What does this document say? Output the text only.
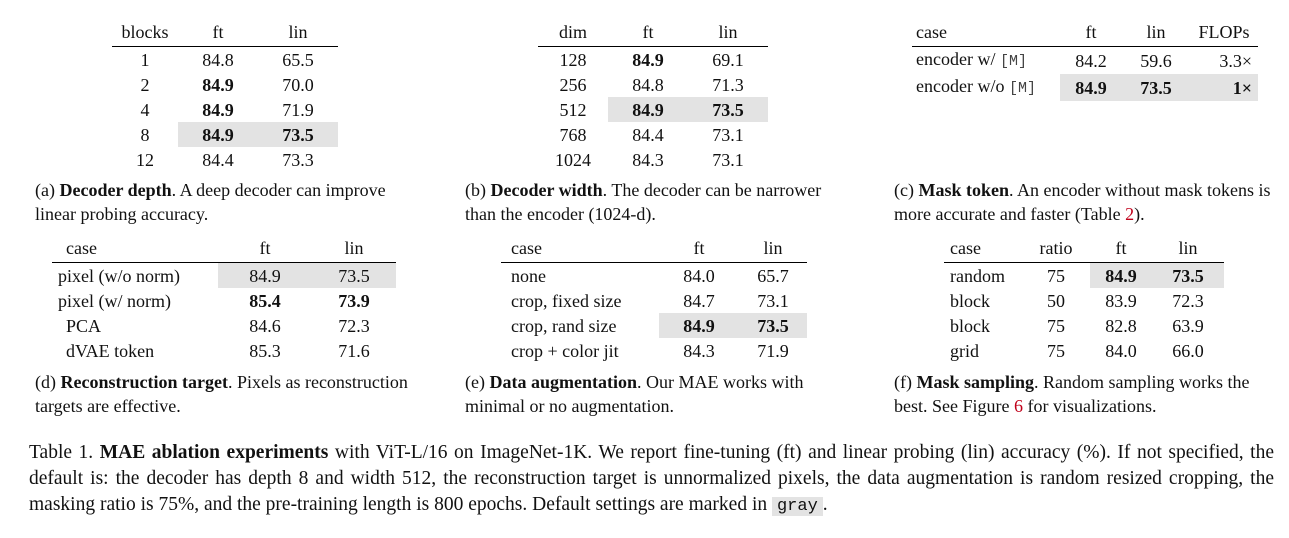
blocks	ft	lin
1	84.8	65.5
2	84.9	70.0
4	84.9	71.9
8	84.9	73.5
12	84.4	73.3
(a) Decoder depth. A deep decoder can improve linear probing accuracy.
dim	ft	lin
128	84.9	69.1
256	84.8	71.3
512	84.9	73.5
768	84.4	73.1
1024	84.3	73.1
(b) Decoder width. The decoder can be narrower than the encoder (1024-d).
case	ft	lin	FLOPs
encoder w/ [M]	84.2	59.6	3.3×
encoder w/o [M]	84.9	73.5	1×
(c) Mask token. An encoder without mask tokens is more accurate and faster (Table 2).
case	ft	lin
pixel (w/o norm)	84.9	73.5
pixel (w/ norm)	85.4	73.9
PCA	84.6	72.3
dVAE token	85.3	71.6
(d) Reconstruction target. Pixels as reconstruction targets are effective.
case	ft	lin
none	84.0	65.7
crop, fixed size	84.7	73.1
crop, rand size	84.9	73.5
crop + color jit	84.3	71.9
(e) Data augmentation. Our MAE works with minimal or no augmentation.
case	ratio	ft	lin
random	75	84.9	73.5
block	50	83.9	72.3
block	75	82.8	63.9
grid	75	84.0	66.0
(f) Mask sampling. Random sampling works the best. See Figure 6 for visualizations.
Table 1. MAE ablation experiments with ViT-L/16 on ImageNet-1K. We report fine-tuning (ft) and linear probing (lin) accuracy (%). If not specified, the default is: the decoder has depth 8 and width 512, the reconstruction target is unnormalized pixels, the data augmentation is random resized cropping, the masking ratio is 75%, and the pre-training length is 800 epochs. Default settings are marked in gray .
